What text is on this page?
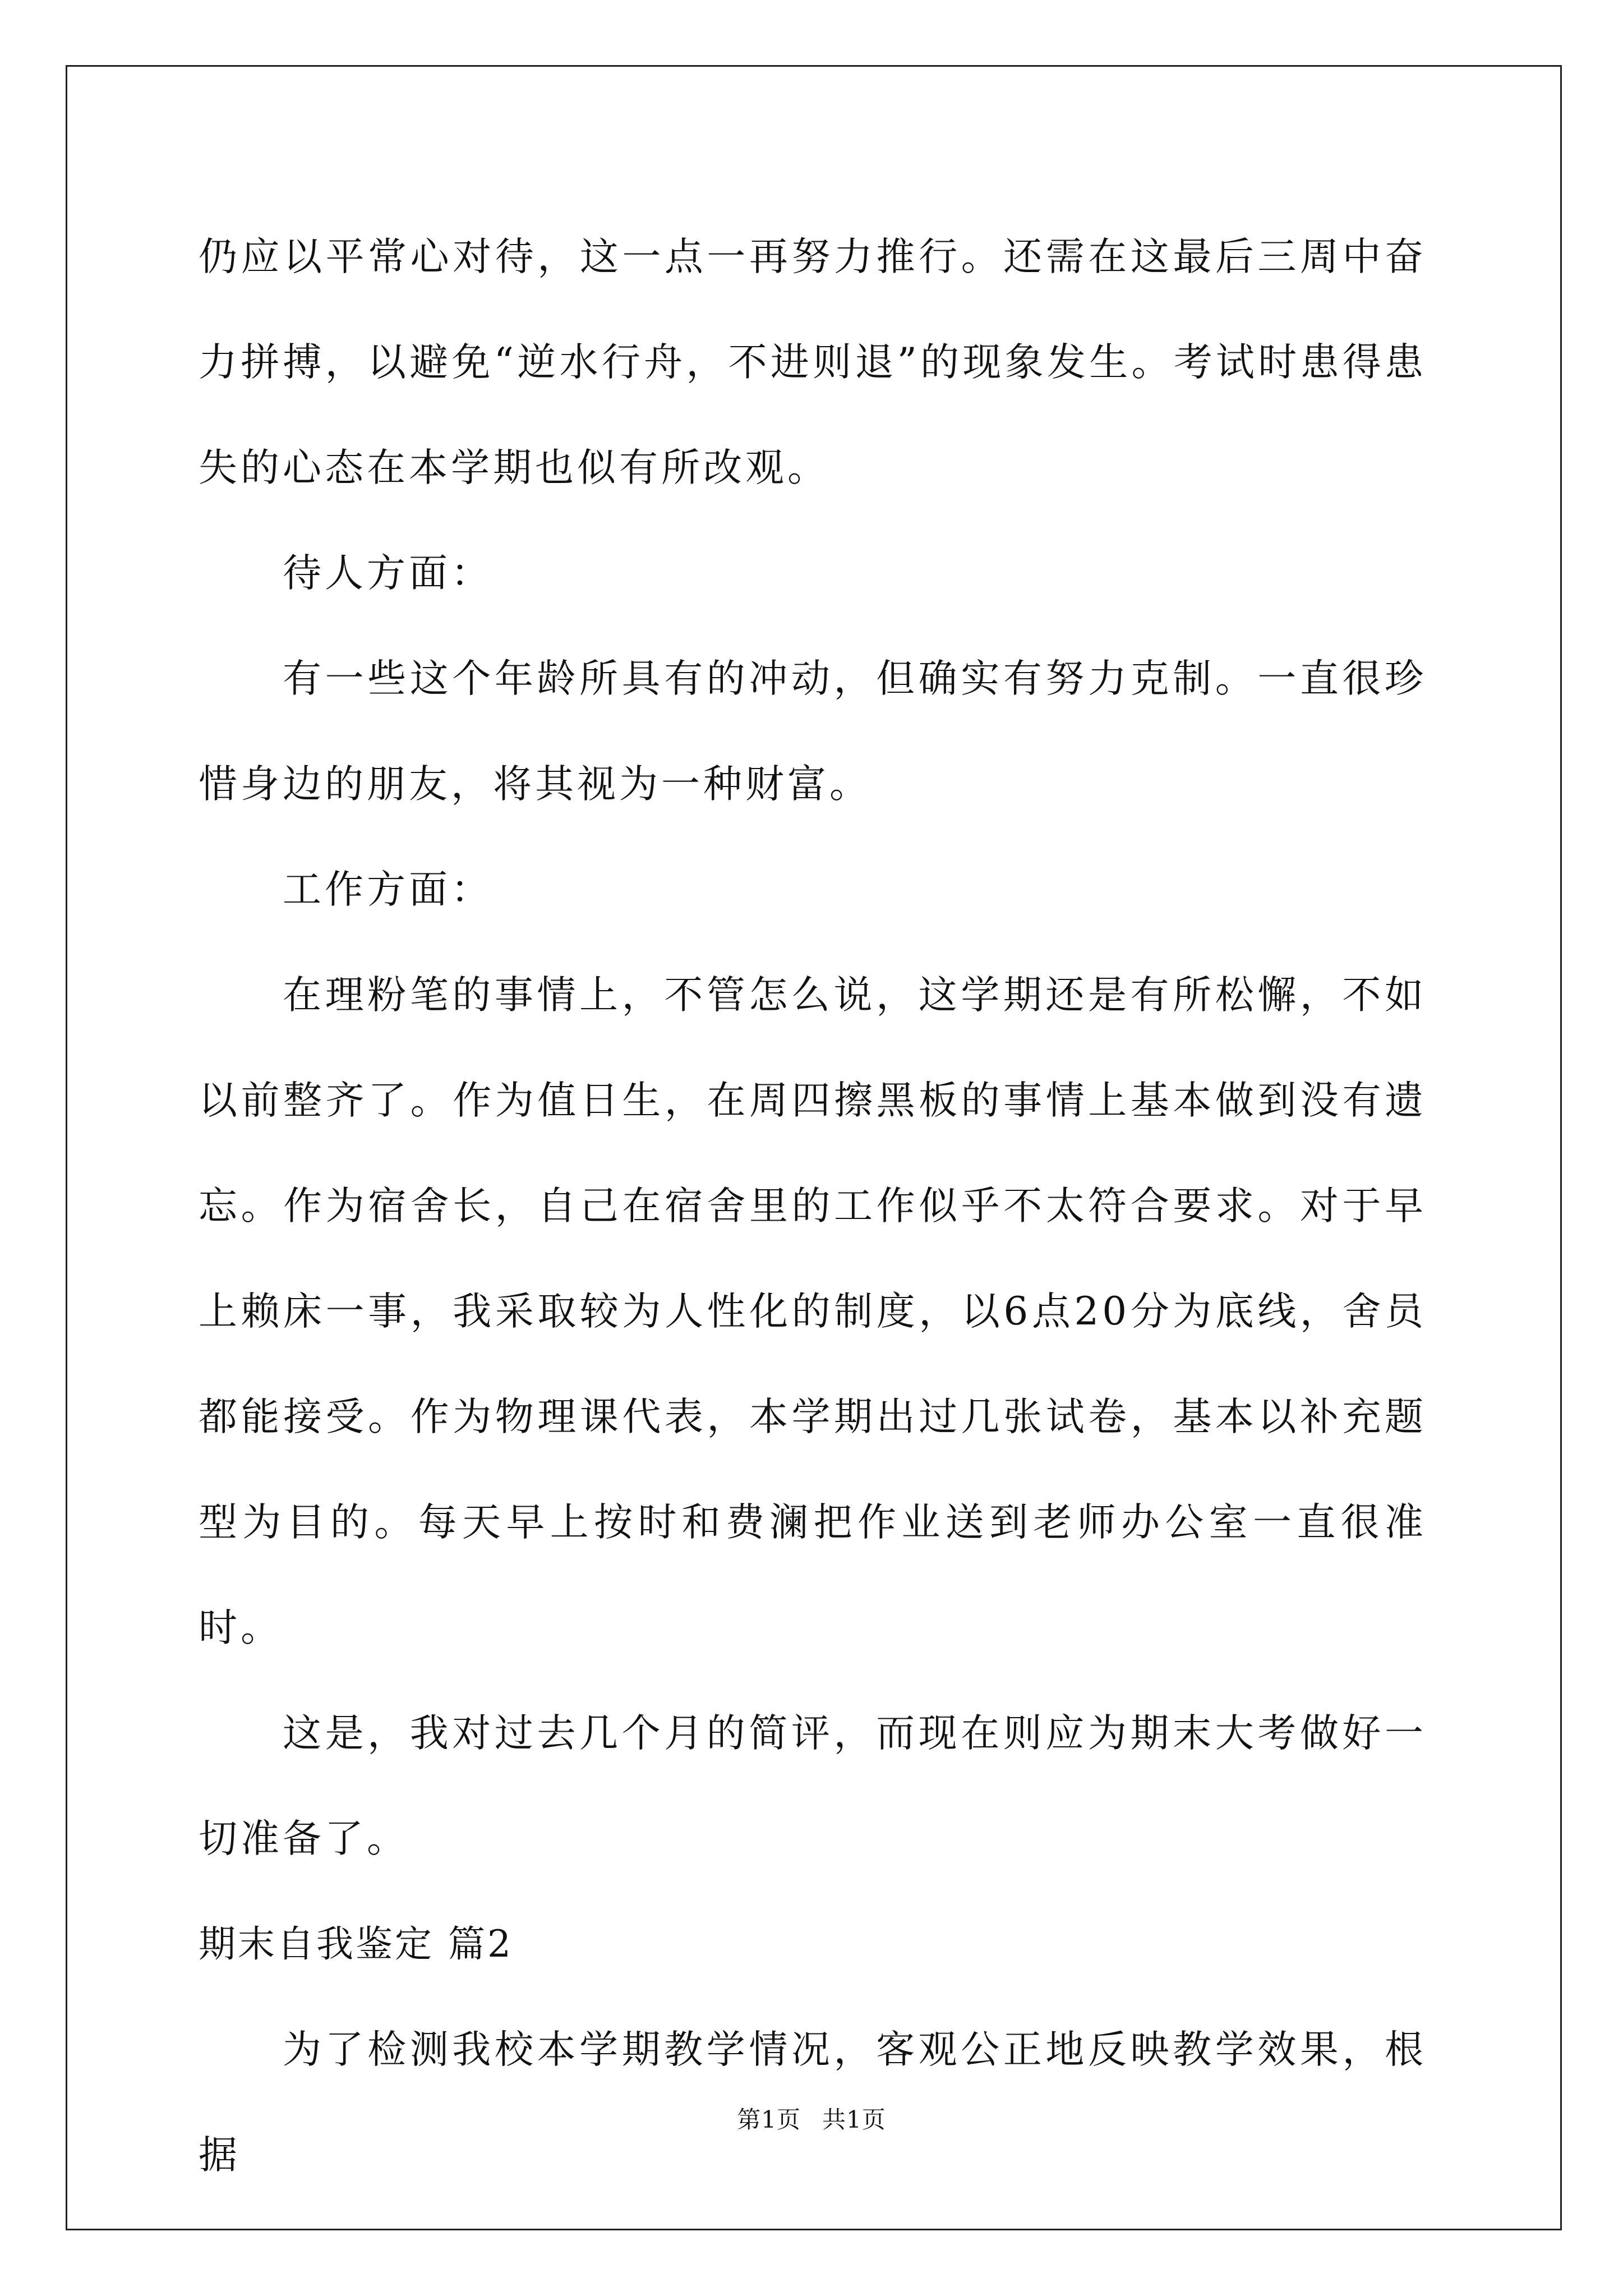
仍应以平常心对待，这一点一再努力推行。还需在这最后三周中奋力拼搏，以避免“逆水行舟，不进则退”的现象发生。考试时患得患失的心态在本学期也似有所改观。

待人方面：

有一些这个年龄所具有的冲动，但确实有努力克制。一直很珍惜身边的朋友，将其视为一种财富。

工作方面：

在理粉笔的事情上，不管怎么说，这学期还是有所松懈，不如以前整齐了。作为值日生，在周四擦黑板的事情上基本做到没有遗忘。作为宿舍长，自己在宿舍里的工作似乎不太符合要求。对于早上赖床一事，我采取较为人性化的制度，以6点20分为底线，舍员都能接受。作为物理课代表，本学期出过几张试卷，基本以补充题型为目的。每天早上按时和费澜把作业送到老师办公室一直很准时。

这是，我对过去几个月的简评，而现在则应为期末大考做好一切准备了。

期末自我鉴定 篇2

为了检测我校本学期教学情况，客观公正地反映教学效果，根据

第1页 共1页
